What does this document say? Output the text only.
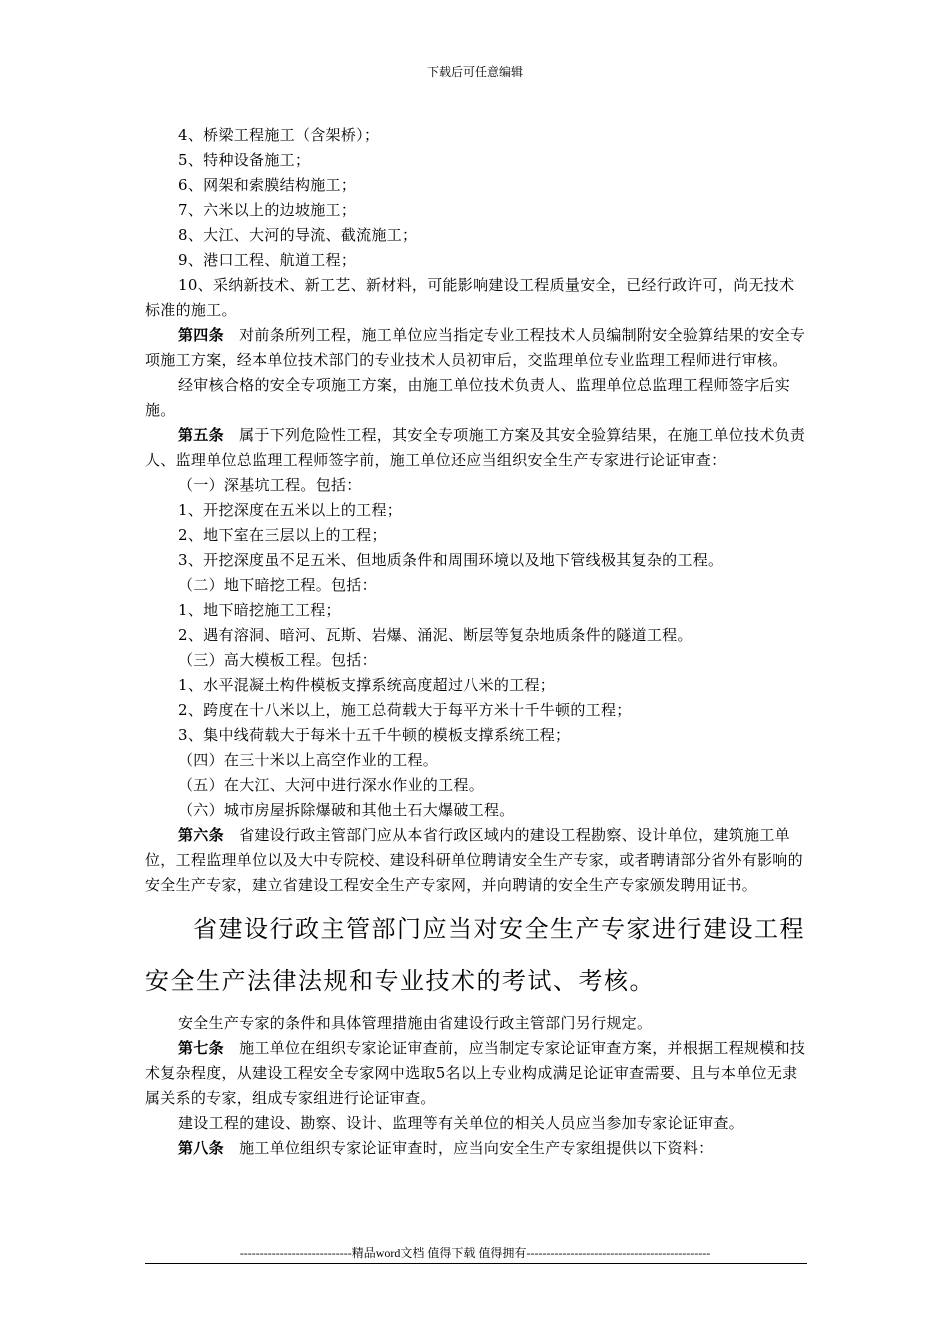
下载后可任意编辑

4、桥梁工程施工（含架桥）；

5、特种设备施工；

6、网架和索膜结构施工；

7、六米以上的边坡施工；

8、大江、大河的导流、截流施工；

9、港口工程、航道工程；

10、采纳新技术、新工艺、新材料，可能影响建设工程质量安全，已经行政许可，尚无技术标准的施工。

第四条   对前条所列工程，施工单位应当指定专业工程技术人员编制附安全验算结果的安全专项施工方案，经本单位技术部门的专业技术人员初审后，交监理单位专业监理工程师进行审核。

经审核合格的安全专项施工方案，由施工单位技术负责人、监理单位总监理工程师签字后实施。

第五条   属于下列危险性工程，其安全专项施工方案及其安全验算结果，在施工单位技术负责人、监理单位总监理工程师签字前，施工单位还应当组织安全生产专家进行论证审查：

（一）深基坑工程。包括：

1、开挖深度在五米以上的工程；

2、地下室在三层以上的工程；

3、开挖深度虽不足五米、但地质条件和周围环境以及地下管线极其复杂的工程。

（二）地下暗挖工程。包括：

1、地下暗挖施工工程；

2、遇有溶洞、暗河、瓦斯、岩爆、涌泥、断层等复杂地质条件的隧道工程。

（三）高大模板工程。包括：

1、水平混凝土构件模板支撑系统高度超过八米的工程；

2、跨度在十八米以上，施工总荷载大于每平方米十千牛顿的工程；

3、集中线荷载大于每米十五千牛顿的模板支撑系统工程；

（四）在三十米以上高空作业的工程。

（五）在大江、大河中进行深水作业的工程。

（六）城市房屋拆除爆破和其他土石大爆破工程。

第六条   省建设行政主管部门应从本省行政区域内的建设工程勘察、设计单位，建筑施工单位，工程监理单位以及大中专院校、建设科研单位聘请安全生产专家，或者聘请部分省外有影响的安全生产专家，建立省建设工程安全生产专家网，并向聘请的安全生产专家颁发聘用证书。

省建设行政主管部门应当对安全生产专家进行建设工程安全生产法律法规和专业技术的考试、考核。

安全生产专家的条件和具体管理措施由省建设行政主管部门另行规定。

第七条   施工单位在组织专家论证审查前，应当制定专家论证审查方案，并根据工程规模和技术复杂程度，从建设工程安全专家网中选取5名以上专业构成满足论证审查需要、且与本单位无隶属关系的专家，组成专家组进行论证审查。

建设工程的建设、勘察、设计、监理等有关单位的相关人员应当参加专家论证审查。

第八条   施工单位组织专家论证审查时，应当向安全生产专家组提供以下资料：

----------------------------精品word文档 值得下载 值得拥有----------------------------------------------
